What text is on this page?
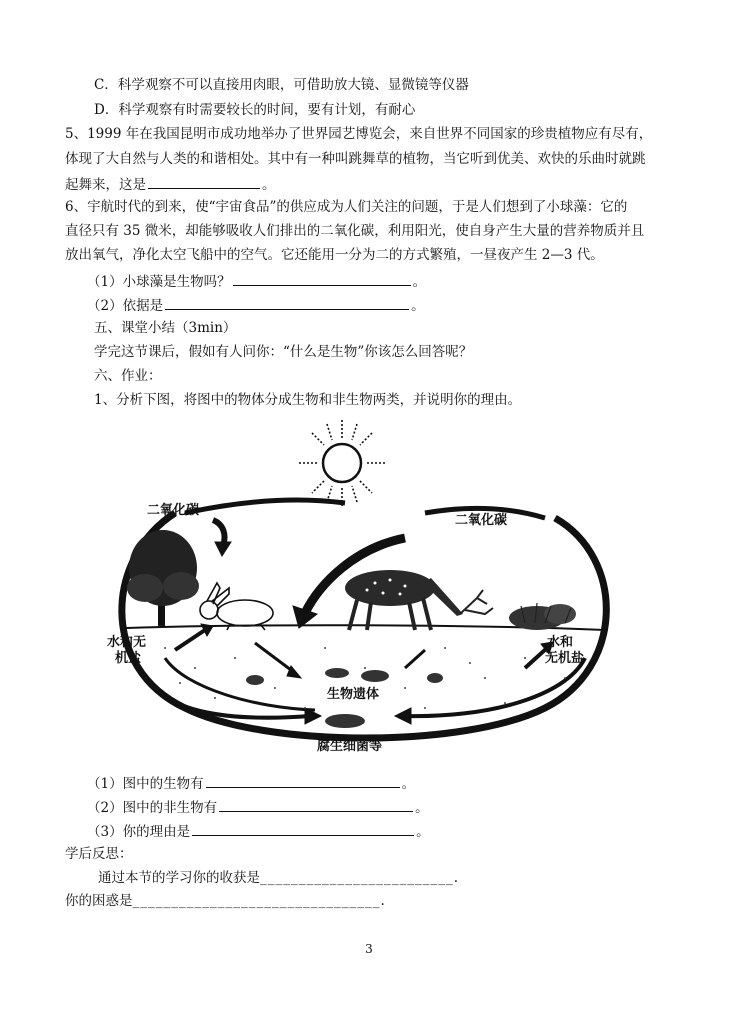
C．科学观察不可以直接用肉眼，可借助放大镜、显微镜等仪器
D．科学观察有时需要较长的时间，要有计划，有耐心
5、1999 年在我国昆明市成功地举办了世界园艺博览会，来自世界不同国家的珍贵植物应有尽有，
体现了大自然与人类的和谐相处。其中有一种叫跳舞草的植物，当它听到优美、欢快的乐曲时就跳
起舞来，这是	。
6、宇航时代的到来，使“宇宙食品”的供应成为人们关注的问题，于是人们想到了小球藻：它的
直径只有 35 微米，却能够吸收人们排出的二氧化碳，利用阳光，使自身产生大量的营养物质并且
放出氧气，净化太空飞船中的空气。它还能用一分为二的方式繁殖，一昼夜产生 2—3 代。
（1）小球藻是生物吗？	。
（2）依据是	。
五、课堂小结（3min）
学完这节课后，假如有人问你：“什么是生物”你该怎么回答呢？
六、作业：
1、分析下图，将图中的物体分成生物和非生物两类，并说明你的理由。
二氧化碳
二氧化碳
水和无
机盐
水和
无机盐
生物遗体
腐生细菌等
（1）图中的生物有	。
（2）图中的非生物有	。
（3）你的理由是	。
学后反思：
通过本节的学习你的收获是_________________________.
你的困惑是________________________________.
3
